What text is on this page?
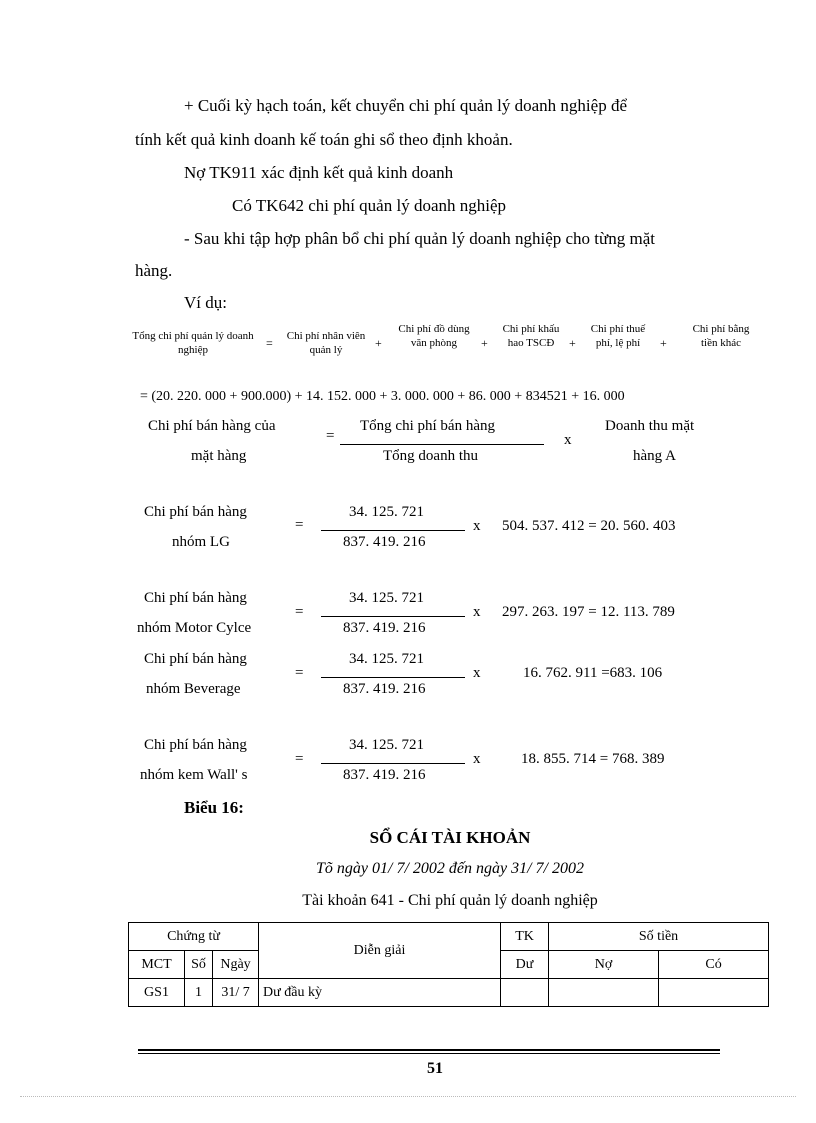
+ Cuối kỳ hạch toán, kết chuyển chi phí quản lý doanh nghiệp để
tính kết quả kinh doanh kế toán ghi sổ theo định khoản.
Nợ TK911 xác định kết quả kinh doanh
Có TK642 chi phí quản lý doanh nghiệp
- Sau khi tập hợp phân bổ chi phí quản lý doanh nghiệp cho từng mặt
hàng.
Ví dụ:
Tổng chi phí quản lý doanh nghiệp	= Chi phí nhân viên quản lý	+
Chi phí đồ dùng văn phòng	+
Chi phí khấu hao TSCĐ	+
Chi phí thuế phí, lệ phí	+
Chi phí bằng tiền khác
= (20. 220. 000 + 900.000) + 14. 152. 000 + 3. 000. 000 + 86. 000 + 834521 + 16. 000
Chi phí bán hàng của
mặt hàng
=
Tổng chi phí bán hàng
Tổng doanh thu
x
Doanh thu mặt
hàng A
Chi phí bán hàng
nhóm LG
=
34. 125. 721
837. 419. 216
x 504. 537. 412 = 20. 560. 403
Chi phí bán hàng
nhóm Motor Cylce
=
34. 125. 721
837. 419. 216
x 297. 263. 197 = 12. 113. 789
Chi phí bán hàng
nhóm Beverage
=
34. 125. 721
837. 419. 216
x	16. 762. 911 =683. 106
Chi phí bán hàng
nhóm kem Wall' s
=
34. 125. 721
837. 419. 216
x	18. 855. 714 = 768. 389
Biểu 16:
SỔ CÁI TÀI KHOẢN
Tõ ngày 01/ 7/ 2002 đến ngày 31/ 7/ 2002
Tài khoản 641 - Chi phí quản lý doanh nghiệp
Chứng từ			Diễn giải	TK	Số tiền	
MCT	Số	Ngày		Dư	Nợ	Có
GS1	1	31/ 7	Dư đầu kỳ			
51
